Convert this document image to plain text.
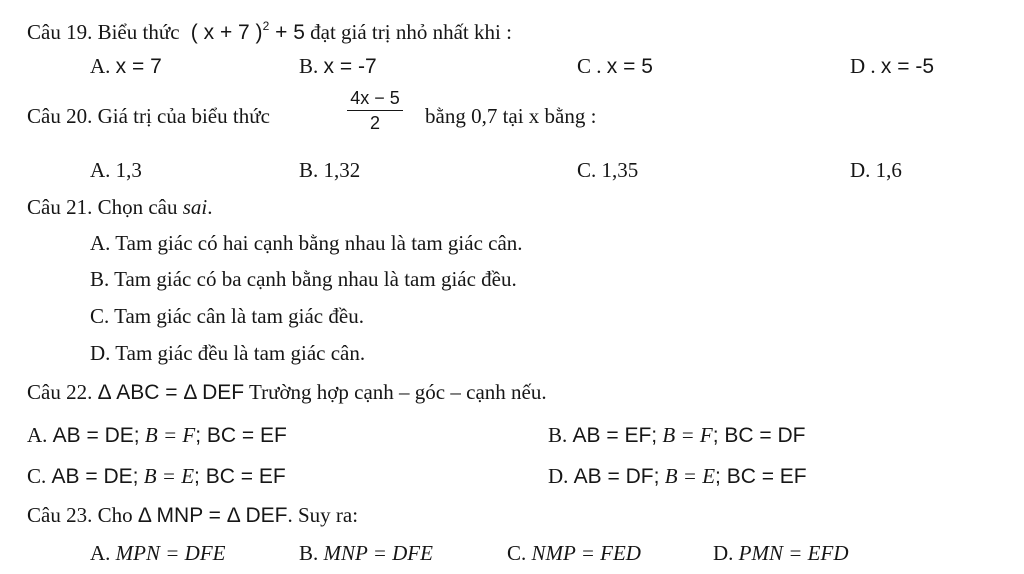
Câu 19. Biểu thức ( x + 7 )$^2$ + 5 đạt giá trị nhỏ nhất khi :
A. x = 7	B. x = -7	C . x = 5	D . x = -5
Câu 20. Giá trị của biểu thức	$\frac{4x - 5}{2}$ bằng 0,7 tại x bằng :
A. 1,3	B. 1,32	C. 1,35	D. 1,6
Câu 21. Chọn câu sai.
A. Tam giác có hai cạnh bằng nhau là tam giác cân.
B. Tam giác có ba cạnh bằng nhau là tam giác đều.
C. Tam giác cân là tam giác đều.
D. Tam giác đều là tam giác cân.
Câu 22. Δ ABC = Δ DEF Trường hợp cạnh – góc – cạnh nếu.
A. AB = DE; B = F; BC = EF	B. AB = EF; B = F; BC = DF
C. AB = DE; B = E; BC = EF	D. AB = DF; B = E; BC = EF
Câu 23. Cho Δ MNP = Δ DEF. Suy ra:
A. MPN = DFE	B. MNP = DFE	C. NMP = FED	D. PMN = EFD
